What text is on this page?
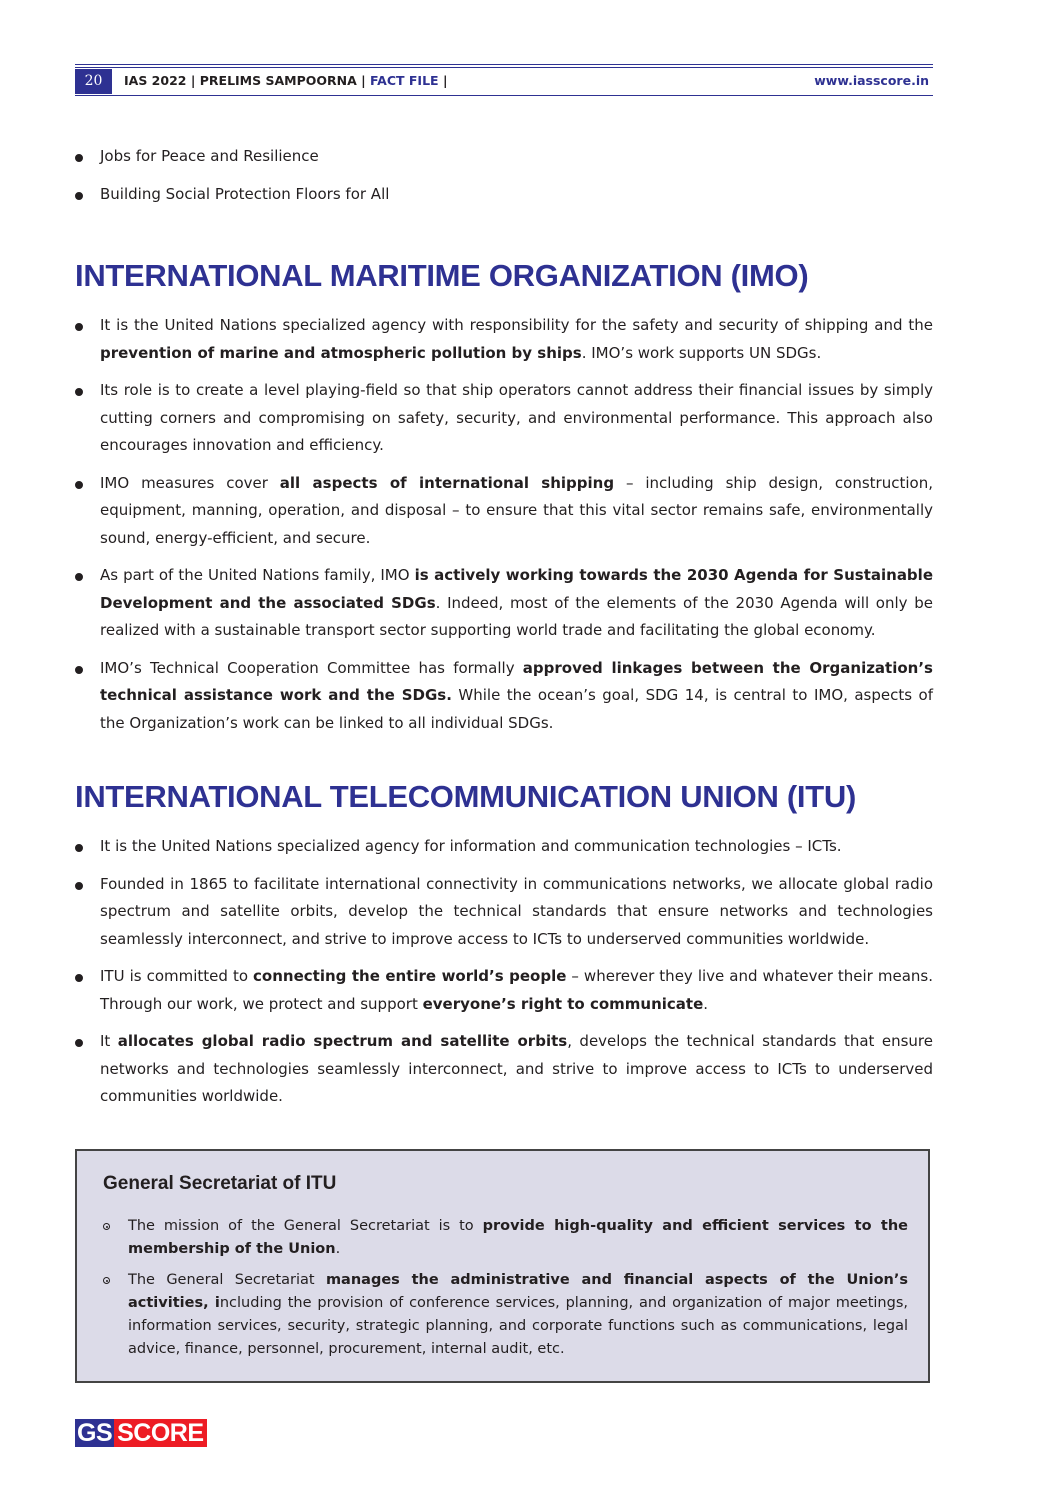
20	IAS 2022 | PRELIMS SAMPOORNA | FACT FILE |	www.iasscore.in
Jobs for Peace and Resilience
Building Social Protection Floors for All
INTERNATIONAL MARITIME ORGANIZATION (IMO)
It is the United Nations specialized agency with responsibility for the safety and security of shipping and the prevention of marine and atmospheric pollution by ships. IMO’s work supports UN SDGs.
Its role is to create a level playing-field so that ship operators cannot address their financial issues by simply cutting corners and compromising on safety, security, and environmental performance. This approach also encourages innovation and efficiency.
IMO measures cover all aspects of international shipping – including ship design, construction, equipment, manning, operation, and disposal – to ensure that this vital sector remains safe, environmentally sound, energy-efficient, and secure.
As part of the United Nations family, IMO is actively working towards the 2030 Agenda for Sustainable Development and the associated SDGs. Indeed, most of the elements of the 2030 Agenda will only be realized with a sustainable transport sector supporting world trade and facilitating the global economy.
IMO’s Technical Cooperation Committee has formally approved linkages between the Organization’s technical assistance work and the SDGs. While the ocean’s goal, SDG 14, is central to IMO, aspects of the Organization’s work can be linked to all individual SDGs.
INTERNATIONAL TELECOMMUNICATION UNION (ITU)
It is the United Nations specialized agency for information and communication technologies – ICTs.
Founded in 1865 to facilitate international connectivity in communications networks, we allocate global radio spectrum and satellite orbits, develop the technical standards that ensure networks and technologies seamlessly interconnect, and strive to improve access to ICTs to underserved communities worldwide.
ITU is committed to connecting the entire world’s people – wherever they live and whatever their means. Through our work, we protect and support everyone’s right to communicate.
It allocates global radio spectrum and satellite orbits, develops the technical standards that ensure networks and technologies seamlessly interconnect, and strive to improve access to ICTs to underserved communities worldwide.
General Secretariat of ITU
The mission of the General Secretariat is to provide high-quality and efficient services to the membership of the Union.
The General Secretariat manages the administrative and financial aspects of the Union’s activities, including the provision of conference services, planning, and organization of major meetings, information services, security, strategic planning, and corporate functions such as communications, legal advice, finance, personnel, procurement, internal audit, etc.
GS SCORE
